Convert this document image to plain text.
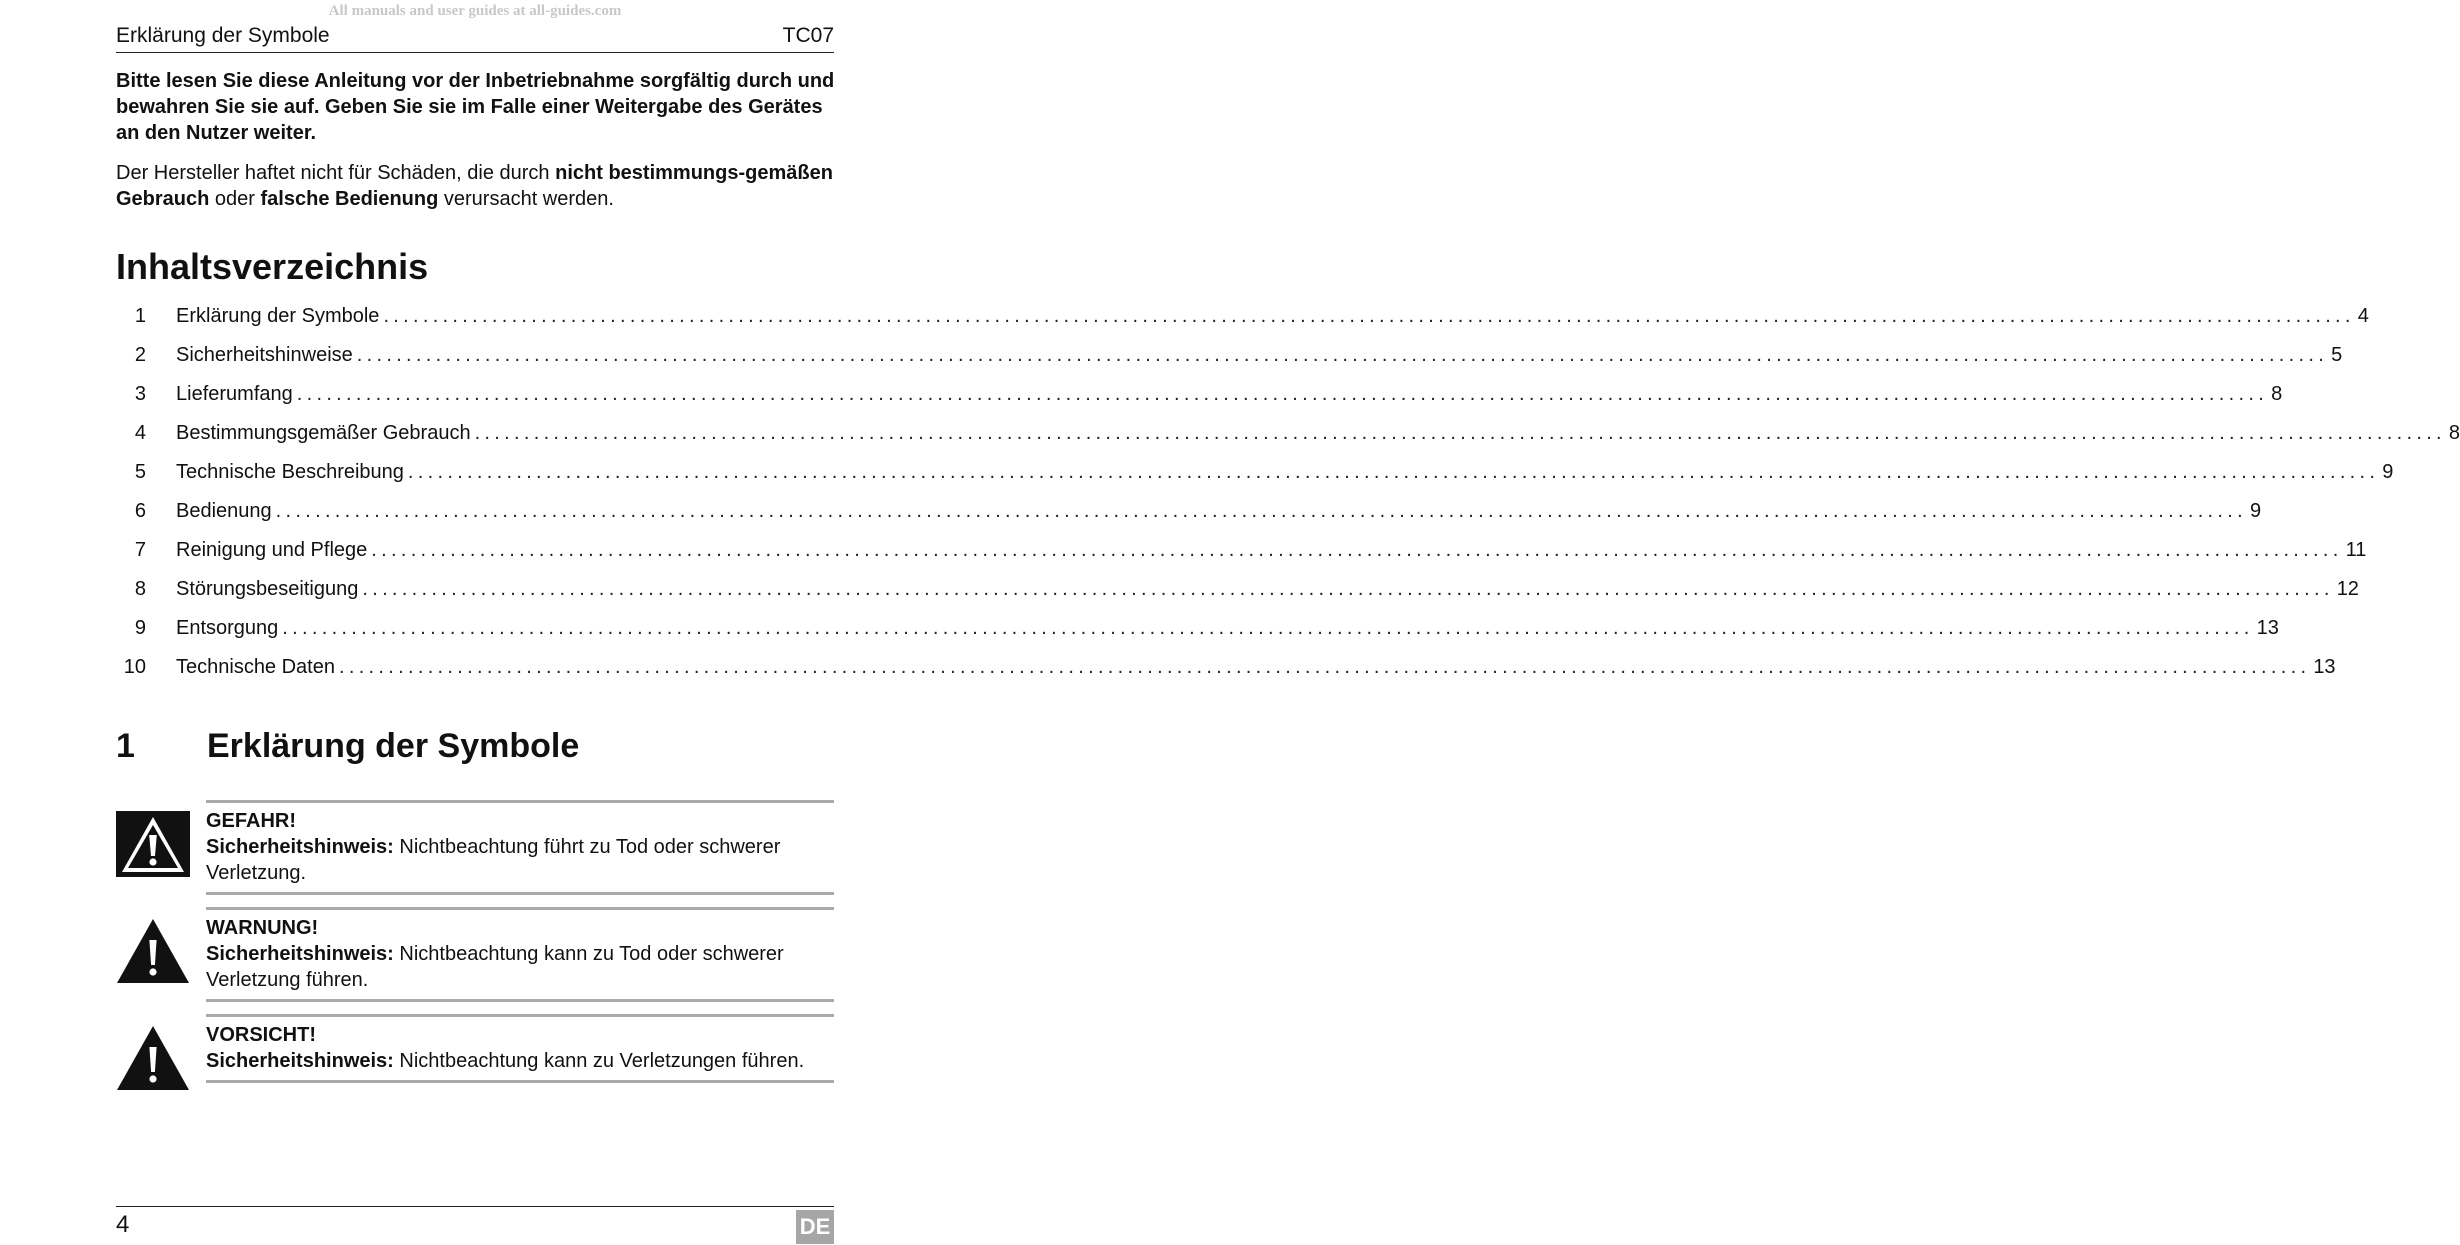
All manuals and user guides at all-guides.com
Erklärung der Symbole	TC07

Bitte lesen Sie diese Anleitung vor der Inbetriebnahme sorgfältig durch und bewahren Sie sie auf. Geben Sie sie im Falle einer Weitergabe des Gerätes an den Nutzer weiter.

Der Hersteller haftet nicht für Schäden, die durch nicht bestimmungs-gemäßen Gebrauch oder falsche Bedienung verursacht werden.

Inhaltsverzeichnis
1 Erklärung der Symbole ........................................................................................................................................................................................................ 4
2 Sicherheitshinweise ........................................................................................................................................................................................................ 5
3 Lieferumfang ........................................................................................................................................................................................................ 8
4 Bestimmungsgemäßer Gebrauch ........................................................................................................................................................................................................ 8
5 Technische Beschreibung ........................................................................................................................................................................................................ 9
6 Bedienung ........................................................................................................................................................................................................ 9
7 Reinigung und Pflege ........................................................................................................................................................................................................ 11
8 Störungsbeseitigung ........................................................................................................................................................................................................ 12
9 Entsorgung ........................................................................................................................................................................................................ 13
10 Technische Daten ........................................................................................................................................................................................................ 13
1 Erklärung der Symbole
GEFAHR!
Sicherheitshinweis: Nichtbeachtung führt zu Tod oder schwerer Verletzung.
WARNUNG!
Sicherheitshinweis: Nichtbeachtung kann zu Tod oder schwerer Verletzung führen.
VORSICHT!
Sicherheitshinweis: Nichtbeachtung kann zu Verletzungen führen.
4	DE
